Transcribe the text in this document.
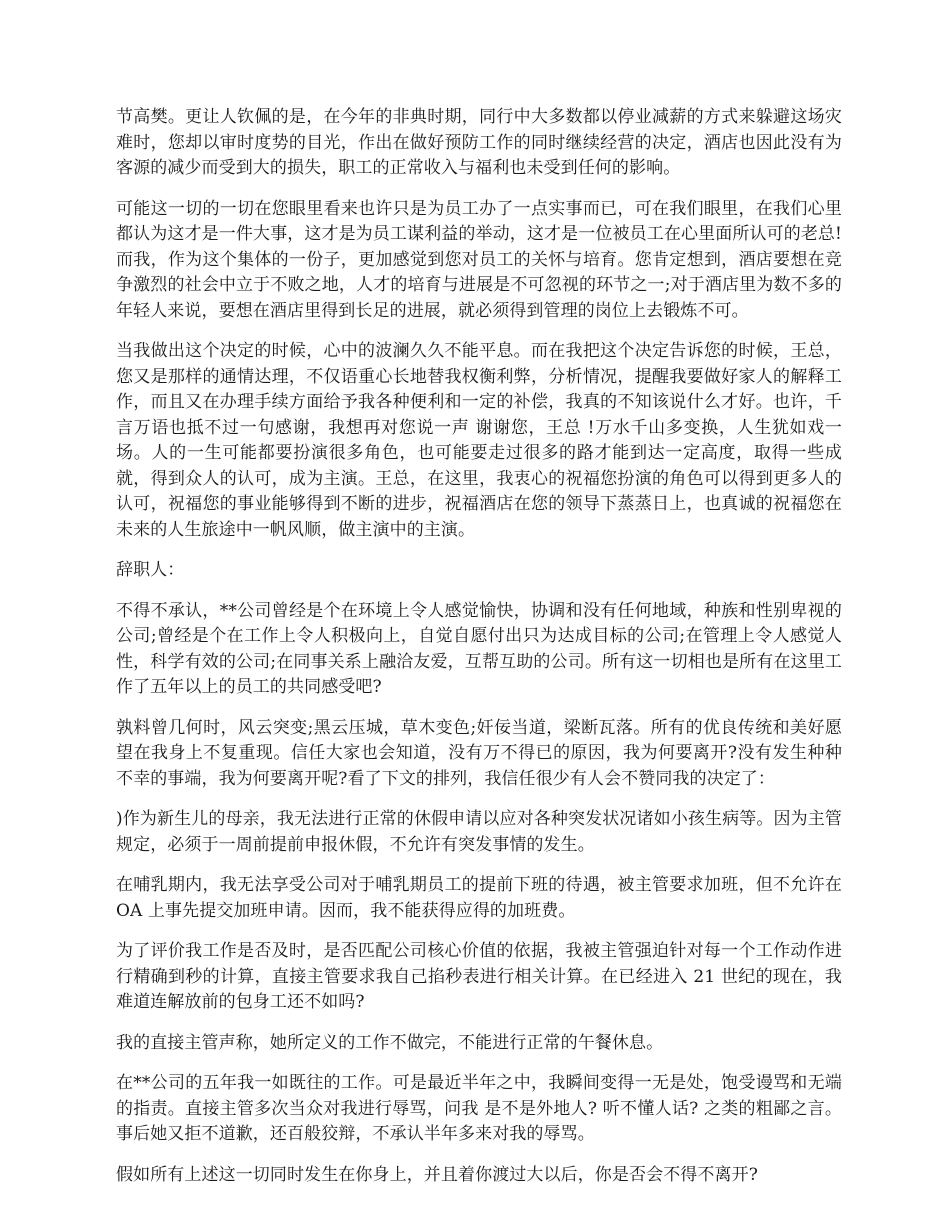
节高樊。更让人钦佩的是，在今年的非典时期，同行中大多数都以停业减薪的方式来躲避这场灾难时，您却以审时度势的目光，作出在做好预防工作的同时继续经营的决定，酒店也因此没有为客源的减少而受到大的损失，职工的正常收入与福利也未受到任何的影响。

可能这一切的一切在您眼里看来也许只是为员工办了一点实事而已，可在我们眼里，在我们心里都认为这才是一件大事，这才是为员工谋利益的举动，这才是一位被员工在心里面所认可的老总!而我，作为这个集体的一份子，更加感觉到您对员工的关怀与培育。您肯定想到，酒店要想在竞争激烈的社会中立于不败之地，人才的培育与进展是不可忽视的环节之一;对于酒店里为数不多的年轻人来说，要想在酒店里得到长足的进展，就必须得到管理的岗位上去锻炼不可。

当我做出这个决定的时候，心中的波澜久久不能平息。而在我把这个决定告诉您的时候，王总，您又是那样的通情达理，不仅语重心长地替我权衡利弊，分析情况，提醒我要做好家人的解释工作，而且又在办理手续方面给予我各种便利和一定的补偿，我真的不知该说什么才好。也许，千言万语也抵不过一句感谢，我想再对您说一声 谢谢您，王总 !万水千山多变换，人生犹如戏一场。人的一生可能都要扮演很多角色，也可能要走过很多的路才能到达一定高度，取得一些成就，得到众人的认可，成为主演。王总，在这里，我衷心的祝福您扮演的角色可以得到更多人的认可，祝福您的事业能够得到不断的进步，祝福酒店在您的领导下蒸蒸日上，也真诚的祝福您在未来的人生旅途中一帆风顺，做主演中的主演。

辞职人：

不得不承认，**公司曾经是个在环境上令人感觉愉快，协调和没有任何地域，种族和性别卑视的公司;曾经是个在工作上令人积极向上，自觉自愿付出只为达成目标的公司;在管理上令人感觉人性，科学有效的公司;在同事关系上融洽友爱，互帮互助的公司。所有这一切相也是所有在这里工作了五年以上的员工的共同感受吧?

孰料曾几何时，风云突变;黑云压城，草木变色;奸佞当道，梁断瓦落。所有的优良传统和美好愿望在我身上不复重现。信任大家也会知道，没有万不得已的原因，我为何要离开?没有发生种种不幸的事端，我为何要离开呢?看了下文的排列，我信任很少有人会不赞同我的决定了：

)作为新生儿的母亲，我无法进行正常的休假申请以应对各种突发状况诸如小孩生病等。因为主管规定，必须于一周前提前申报休假，不允许有突发事情的发生。

在哺乳期内，我无法享受公司对于哺乳期员工的提前下班的待遇，被主管要求加班，但不允许在 OA 上事先提交加班申请。因而，我不能获得应得的加班费。

为了评价我工作是否及时，是否匹配公司核心价值的依据，我被主管强迫针对每一个工作动作进行精确到秒的计算，直接主管要求我自己掐秒表进行相关计算。在已经进入 21 世纪的现在，我难道连解放前的包身工还不如吗?

我的直接主管声称，她所定义的工作不做完，不能进行正常的午餐休息。

在**公司的五年我一如既往的工作。可是最近半年之中，我瞬间变得一无是处，饱受谩骂和无端的指责。直接主管多次当众对我进行辱骂，问我 是不是外地人? 听不懂人话? 之类的粗鄙之言。事后她又拒不道歉，还百般狡辩，不承认半年多来对我的辱骂。

假如所有上述这一切同时发生在你身上，并且着你渡过大以后，你是否会不得不离开?
